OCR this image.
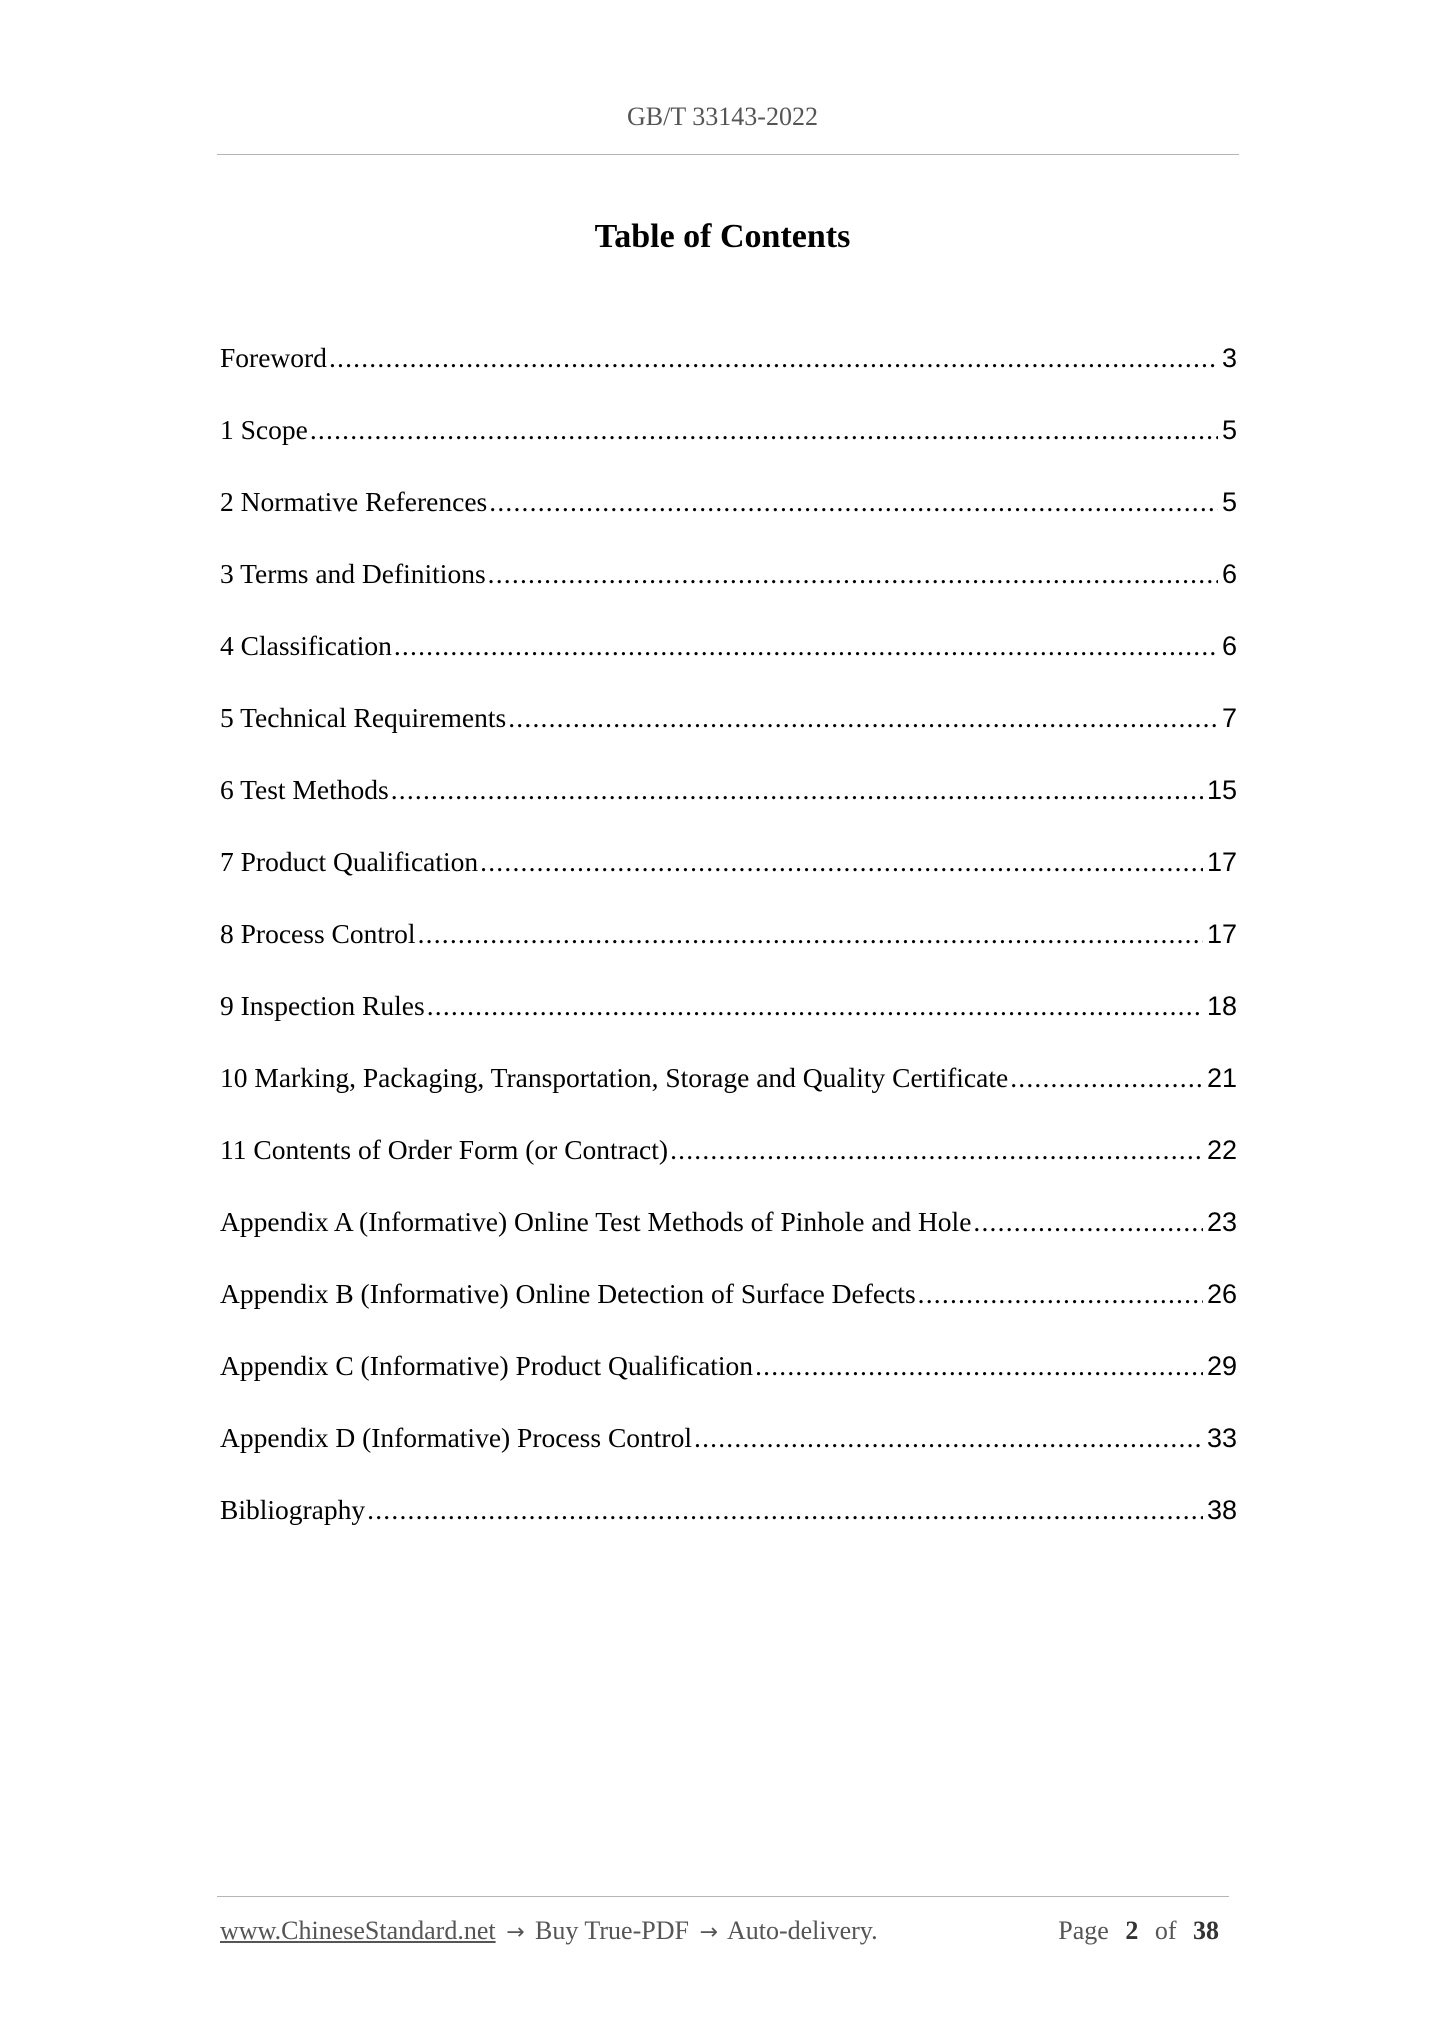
GB/T 33143-2022
Table of Contents
Foreword .....	3
1 Scope .....	5
2 Normative References .....	5
3 Terms and Definitions .....	6
4 Classification .....	6
5 Technical Requirements .....	7
6 Test Methods .....	15
7 Product Qualification .....	17
8 Process Control .....	17
9 Inspection Rules .....	18
10 Marking, Packaging, Transportation, Storage and Quality Certificate .....	21
11 Contents of Order Form (or Contract) .....	22
Appendix A (Informative) Online Test Methods of Pinhole and Hole .....	23
Appendix B (Informative) Online Detection of Surface Defects .....	26
Appendix C (Informative) Product Qualification .....	29
Appendix D (Informative) Process Control .....	33
Bibliography .....	38
www.ChineseStandard.net → Buy True-PDF → Auto-delivery.	Page 2 of 38
